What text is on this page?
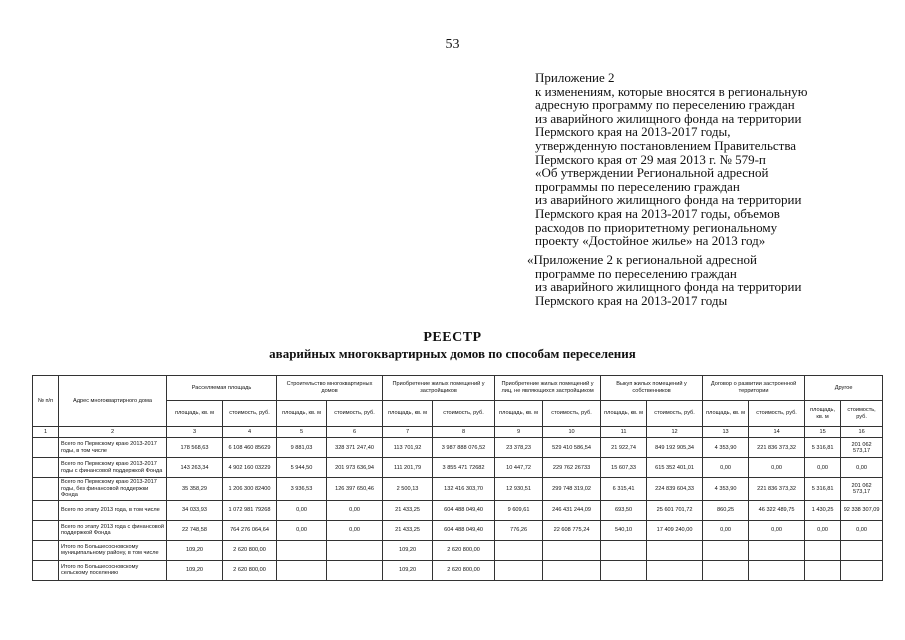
53
Приложение 2
к изменениям, которые вносятся в региональную
адресную программу по переселению граждан
из аварийного жилищного фонда на территории
Пермского края на 2013-2017 годы,
утвержденную постановлением Правительства
Пермского края от 29 мая 2013 г. № 579-п
«Об утверждении Региональной адресной
программы по переселению граждан
из аварийного жилищного фонда на территории
Пермского края на 2013-2017 годы, объемов
расходов по приоритетному региональному
проекту «Достойное жилье» на 2013 год»
«Приложение 2 к региональной адресной
программе по переселению граждан
из аварийного жилищного фонда на территории
Пермского края на 2013-2017 годы
РЕЕСТР
аварийных многоквартирных домов по способам переселения
№ п/п	Адрес многоквартирного дома	Расселяемая площадь		Строительство многоквартирных домов		Приобретение жилых помещений у застройщиков		Приобретение жилых помещений у лиц, не являющихся застройщиком		Выкуп жилых помещений у собственников		Договор о развитии застроенной территории		Другое	
		площадь, кв. м	стоимость, руб.	площадь, кв. м	стоимость, руб.	площадь, кв. м	стоимость, руб.	площадь, кв. м	стоимость, руб.	площадь, кв. м	стоимость, руб.	площадь, кв. м	стоимость, руб.	площадь, кв. м	стоимость, руб.
1	2	3	4	5	6	7	8	9	10	11	12	13	14	15	16
	Всего по Пермскому краю 2013-2017 годы, в том числе	178 568,63	6 108 460 85629	9 881,03	328 371 247,40	113 701,92	3 987 888 076,52	23 378,23	529 410 586,54	21 922,74	849 192 905,34	4 353,90	221 836 373,32	5 316,81	201 062 573,17
	Всего по Пермскому краю 2013-2017 годы с финансовой поддержкой Фонда	143 263,34	4 902 160 03229	5 944,50	201 973 636,94	111 201,79	3 855 471 72682	10 447,72	229 762 26733	15 607,33	615 352 401,01	0,00	0,00	0,00	0,00
	Всего по Пермскому краю 2013-2017 годы, без финансовой поддержки Фонда	35 358,29	1 206 300 82400	3 936,53	126 397 650,46	2 500,13	132 416 303,70	12 930,51	299 748 319,02	6 315,41	224 839 604,33	4 353,90	221 836 373,32	5 316,81	201 062 573,17
	Всего по этапу 2013 года, в том числе	34 033,93	1 072 981 79268	0,00	0,00	21 433,25	604 488 049,40	9 609,61	246 431 244,09	693,50	25 601 701,72	860,25	46 322 489,75	1 430,25	92 338 307,09
	Всего по этапу 2013 года с финансовой поддержкой Фонда	22 748,58	764 276 064,64	0,00	0,00	21 433,25	604 488 049,40	776,26	22 608 775,24	540,10	17 409 240,00	0,00	0,00	0,00	0,00
	Итого по Большесосновскому муниципальному району, в том числе	109,20	2 620 800,00			109,20	2 620 800,00								
	Итого по Большесосновскому сельскому поселению	109,20	2 620 800,00			109,20	2 620 800,00								
